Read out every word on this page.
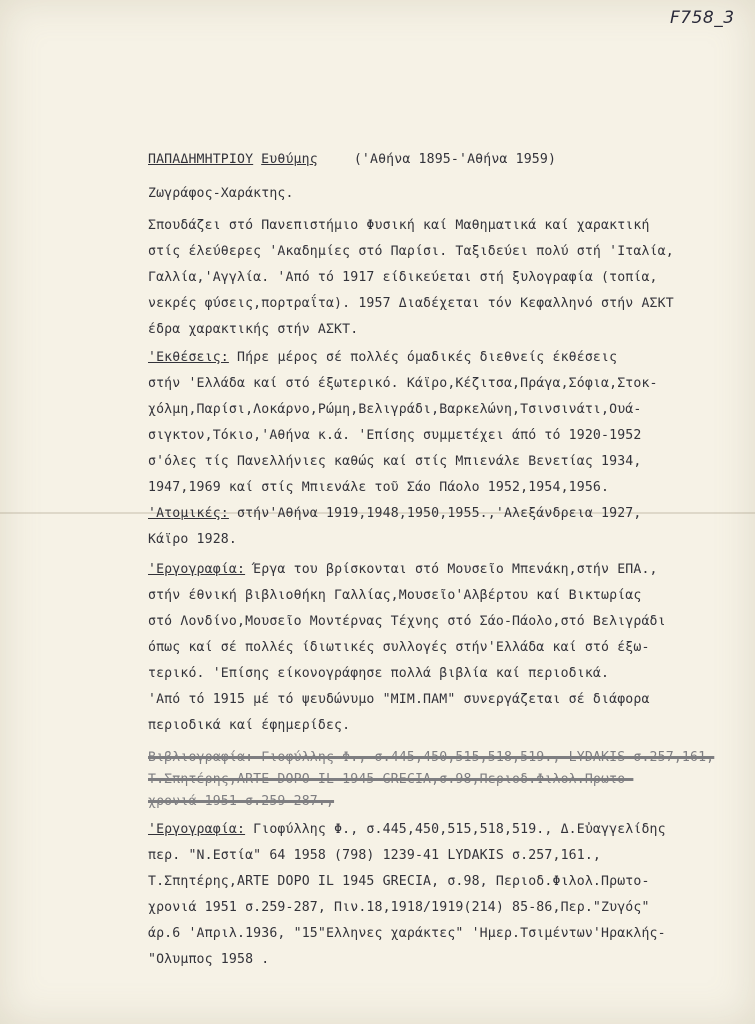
F758_3
ΠΑΠΑΔΗΜΗΤΡΙΟΥ Ευθύμης	('Αθήνα 1895-'Αθήνα 1959)
Ζωγράφος-Χαράκτης.
Σπουδάζει στό Πανεπιστήμιο Φυσική καί Μαθηματικά καί χαρακτική
στίς έλεύθερες 'Ακαδημίες στό Παρίσι. Ταξιδεύει πολύ στή 'Ιταλία,
Γαλλία,'Αγγλία. 'Από τό 1917 είδικεύεται στή ξυλογραφία (τοπία,
νεκρές φύσεις,πορτραΐτα). 1957 Διαδέχεται τόν Κεφαλληνό στήν ΑΣΚΤ
έδρα χαρακτικής στήν ΑΣΚΤ.
'Εκθέσεις: Πήρε μέρος σέ πολλές όμαδικές διεθνείς έκθέσεις
στήν 'Ελλάδα καί στό έξωτερικό. Κάϊρο,Κέζιτσα,Πράγα,Σόφια,Στοκ-
χόλμη,Παρίσι,Λοκάρνο,Ρώμη,Βελιγράδι,Βαρκελώνη,Τσινσινάτι,Ουά-
σιγκτον,Τόκιο,'Αθήνα κ.ά. 'Επίσης συμμετέχει άπό τό 1920-1952
σ'όλες τίς Πανελλήνιες καθώς καί στίς Μπιενάλε Βενετίας 1934,
1947,1969 καί στίς Μπιενάλε τοῦ Σάο Πάολο 1952,1954,1956.
'Ατομικές: στήν'Αθήνα 1919,1948,1950,1955.,'Αλεξάνδρεια 1927,
Κάϊρο 1928.
'Εργογραφία: Έργα του βρίσκονται στό Μουσεῖο Μπενάκη,στήν ΕΠΑ.,
στήν έθνική βιβλιοθήκη Γαλλίας,Μουσεῖο'Αλβέρτου καί Βικτωρίας
στό Λονδίνο,Μουσεῖο Μοντέρνας Τέχνης στό Σάο-Πάολο,στό Βελιγράδι
όπως καί σέ πολλές ίδιωτικές συλλογές στήν'Ελλάδα καί στό έξω-
τερικό. 'Επίσης είκονογράφησε πολλά βιβλία καί περιοδικά.
'Από τό 1915 μέ τό ψευδώνυμο "ΜΙΜ.ΠΑΜ" συνεργάζεται σέ διάφορα
περιοδικά καί έφημερίδες.
Βιβλιογραφία: Γιοφύλλης Φ., σ.445,450,515,518,519., LYDAKIS σ.257,161,
Τ.Σπητέρης,ARTE DOPO IL 1945 GRECIA,σ.98,Περιοδ.Φιλολ.Πρωτο-
χρονιά 1951 σ.259-287.,
'Εργογραφία: Γιοφύλλης Φ., σ.445,450,515,518,519., Δ.Εὐαγγελίδης
περ. "Ν.Εστία" 64 1958 (798) 1239-41 LYDAKIS σ.257,161.,
Τ.Σπητέρης,ARTE DOPO IL 1945 GRECIA, σ.98, Περιοδ.Φιλολ.Πρωτο-
χρονιά 1951 σ.259-287, Πιν.18,1918/1919(214) 85-86,Περ."Ζυγός"
άρ.6 'Απριλ.1936, "15"Ελληνες χαράκτες" 'Ημερ.Τσιμέντων'Ηρακλής-
"Ολυμπος 1958 .
